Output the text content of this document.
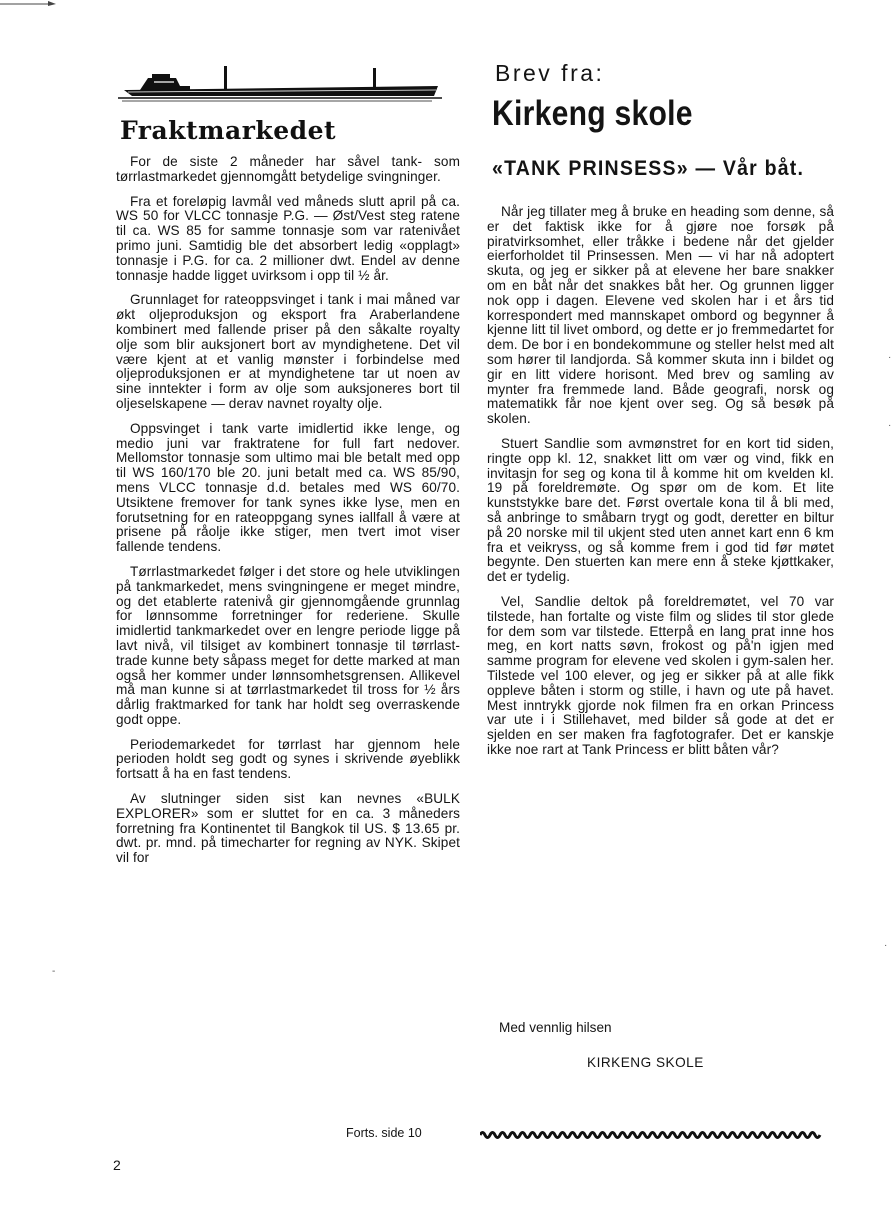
Fraktmarkedet

For de siste 2 måneder har såvel tank- som tørrlastmarkedet gjennomgått betydelige svingninger.

Fra et foreløpig lavmål ved måneds slutt april på ca. WS 50 for VLCC tonnasje P.G. — Øst/Vest steg ratene til ca. WS 85 for samme tonnasje som var ratenivået primo juni. Samtidig ble det absorbert ledig «opplagt» tonnasje i P.G. for ca. 2 millioner dwt. Endel av denne tonnasje hadde ligget uvirksom i opp til ½ år.

Grunnlaget for rateoppsvinget i tank i mai måned var økt oljeproduksjon og eksport fra Araberlandene kombinert med fallende priser på den såkalte royalty olje som blir auksjonert bort av myndighetene. Det vil være kjent at et vanlig mønster i forbindelse med oljeproduksjonen er at myndighetene tar ut noen av sine inntekter i form av olje som auksjoneres bort til oljeselskapene — derav navnet royalty olje.

Oppsvinget i tank varte imidlertid ikke lenge, og medio juni var fraktratene for full fart nedover. Mellomstor tonnasje som ultimo mai ble betalt med opp til WS 160/170 ble 20. juni betalt med ca. WS 85/90, mens VLCC tonnasje d.d. betales med WS 60/70. Utsiktene fremover for tank synes ikke lyse, men en forutsetning for en rateoppgang synes iallfall å være at prisene på råolje ikke stiger, men tvert imot viser fallende tendens.

Tørrlastmarkedet følger i det store og hele utviklingen på tankmarkedet, mens svingningene er meget mindre, og det etablerte ratenivå gir gjennomgående grunnlag for lønnsomme forretninger for rederiene. Skulle imidlertid tankmarkedet over en lengre periode ligge på lavt nivå, vil tilsiget av kombinert tonnasje til tørrlast-trade kunne bety såpass meget for dette marked at man også her kommer under lønnsomhetsgrensen. Allikevel må man kunne si at tørrlastmarkedet til tross for ½ års dårlig fraktmarked for tank har holdt seg overraskende godt oppe.

Periodemarkedet for tørrlast har gjennom hele perioden holdt seg godt og synes i skrivende øyeblikk fortsatt å ha en fast tendens.

Av slutninger siden sist kan nevnes «BULK EXPLORER» som er sluttet for en ca. 3 måneders forretning fra Kontinentet til Bangkok til US. $ 13.65 pr. dwt. pr. mnd. på timecharter for regning av NYK. Skipet vil for

Forts. side 10
2
Brev fra:
Kirkeng skole
«TANK PRINSESS» — Vår båt.

Når jeg tillater meg å bruke en heading som denne, så er det faktisk ikke for å gjøre noe forsøk på piratvirksomhet, eller tråkke i bedene når det gjelder eierforholdet til Prinsessen. Men — vi har nå adoptert skuta, og jeg er sikker på at elevene her bare snakker om en båt når det snakkes båt her. Og grunnen ligger nok opp i dagen. Elevene ved skolen har i et års tid korrespondert med mannskapet ombord og begynner å kjenne litt til livet ombord, og dette er jo fremmedartet for dem. De bor i en bondekommune og steller helst med alt som hører til landjorda. Så kommer skuta inn i bildet og gir en litt videre horisont. Med brev og samling av mynter fra fremmede land. Både geografi, norsk og matematikk får noe kjent over seg. Og så besøk på skolen.

Stuert Sandlie som avmønstret for en kort tid siden, ringte opp kl. 12, snakket litt om vær og vind, fikk en invitasjn for seg og kona til å komme hit om kvelden kl. 19 på foreldremøte. Og spør om de kom. Et lite kunststykke bare det. Først overtale kona til å bli med, så anbringe to småbarn trygt og godt, deretter en biltur på 20 norske mil til ukjent sted uten annet kart enn 6 km fra et veikryss, og så komme frem i god tid før møtet begynte. Den stuerten kan mere enn å steke kjøttkaker, det er tydelig.

Vel, Sandlie deltok på foreldremøtet, vel 70 var tilstede, han fortalte og viste film og slides til stor glede for dem som var tilstede. Etterpå en lang prat inne hos meg, en kort natts søvn, frokost og på'n igjen med samme program for elevene ved skolen i gym-salen her. Tilstede vel 100 elever, og jeg er sikker på at alle fikk oppleve båten i storm og stille, i havn og ute på havet. Mest inntrykk gjorde nok filmen fra en orkan Princess var ute i i Stillehavet, med bilder så gode at det er sjelden en ser maken fra fagfotografer. Det er kanskje ikke noe rart at Tank Princess er blitt båten vår?

Med vennlig hilsen
KIRKENG SKOLE
·
·
·
-
